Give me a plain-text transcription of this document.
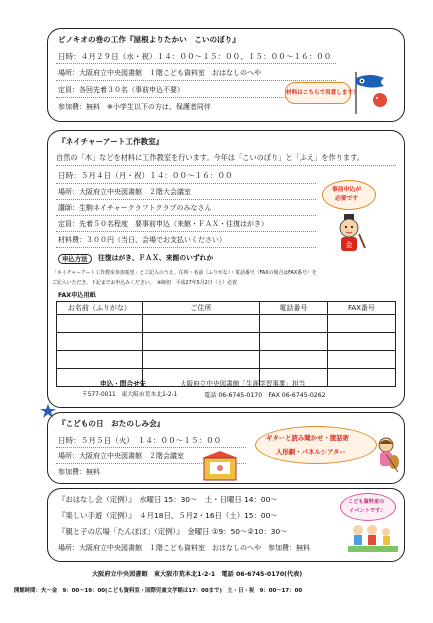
ピノキオの巻の工作『屋根よりたかい　こいのぼり』
日時：４月２９日（水・祝）１４：００～１５：００、１５：００～１６：００
場所：大阪府立中央図書館　１階こども資料室　おはなしのへや
定員：各回先着３０名（事前申込不要）
参加費：無料　※小学生以下の方は、保護者同伴
材料はこちらで用意します！
『ネイチャーアート工作教室』
自然の「木」などを材料に工作教室を行います。今年は「こいのぼり」と「ふえ」を作ります。
日時：５月４日（月・祝）１４：００～１６：００
場所：大阪府立中央図書館　２階大会議室
講師：生駒ネイチャークラフトクラブのみなさん
定員：先着５０名程度　要事前申込（来館・ＦＡＸ・往復はがき）
材料費：３００円（当日、会場でお支払いください）
申込方法	往復はがき、ＦＡＸ、来館のいずれか
「ネイチャーアート工作教室参加希望」とご記入のうえ、住所・名前（ふりがな）・電話番号（FAXの場合はFAX番号）を
ご記入いただき、下記までお申込みください。　※締切　平成27年5月2日（土）必着
事前申込が
必要です
金
FAX申込用紙
お名前（ふりがな）	ご住所	電話番号	FAX番号

申込・問合せ先	大阪府立中央図書館「生涯学習事業」担当
〒577-0011　東大阪市荒本北1-2-1	電話 06-6745-0170　FAX 06-6745-0262
『こどもの日　おたのしみ会』
日時：５月５日（火）　１４：００～１５：００
場所：大阪府立中央図書館　２階会議室
参加費：無料
ギターと読み聞かせ・腹話術
人形劇・パネルシアター
『おはなし会（定例）』　水曜日 15：30～　土・日曜日 14：00～
『楽しい手遊（定例）』　４月18日、５月2・16日（土）15：00～
『親と子の広場「たんぽぽ」（定例）』　金曜日 ①9：50～②10：30～
場所：大阪府立中央図書館　１階こども資料室　おはなしのへや　参加費：無料
こども資料室の
イベントです♪
大阪府立中央図書館　東大阪市荒本北1-2-1　電話 06-6745-0170(代表)
開館時間：火～金　9：00～19：00(こども資料室・国際児童文学館は17：00まで)　土・日・祝　9：00～17：00
